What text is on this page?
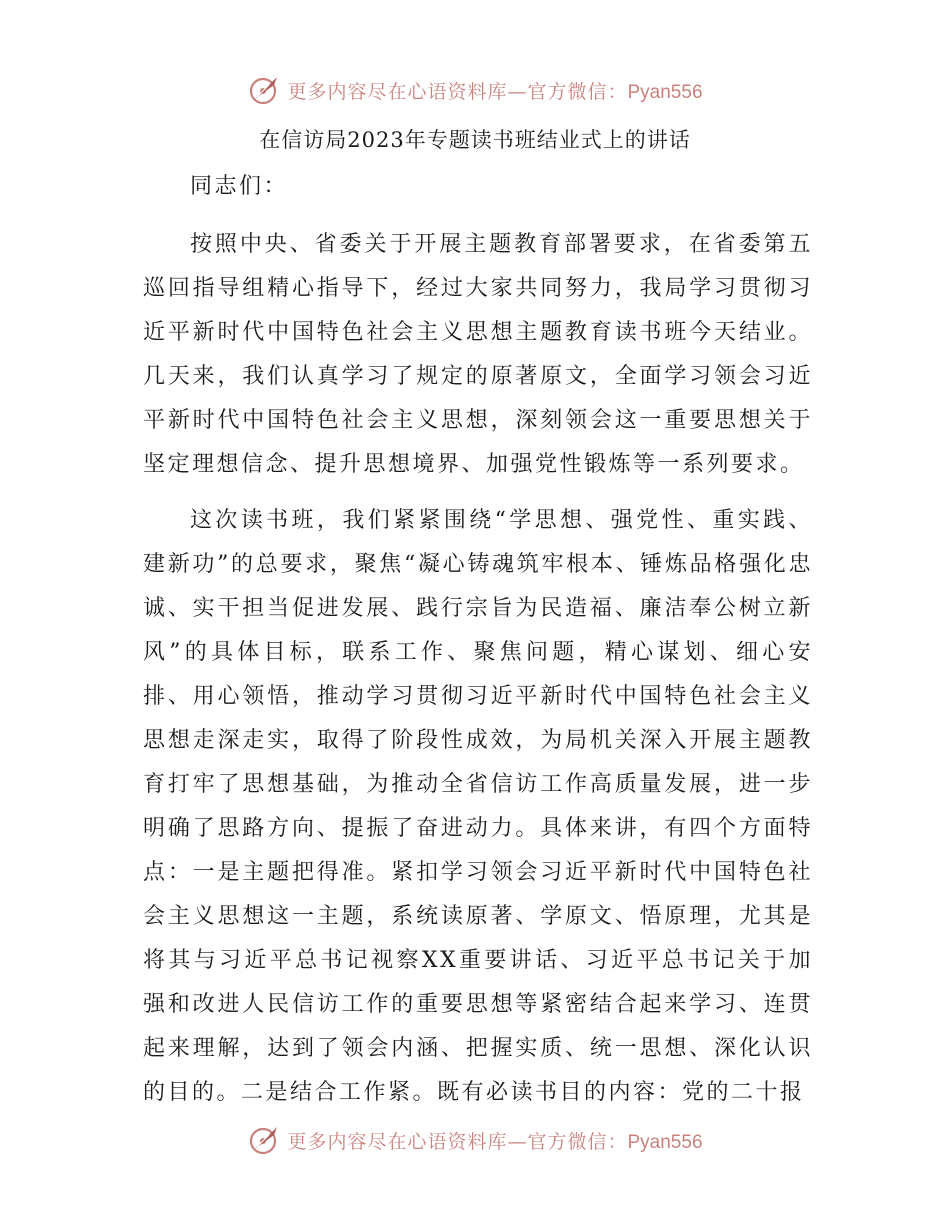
更多内容尽在心语资料库—官方微信：Pyan556
在信访局2023年专题读书班结业式上的讲话

同志们：

按照中央、省委关于开展主题教育部署要求，在省委第五巡回指导组精心指导下，经过大家共同努力，我局学习贯彻习近平新时代中国特色社会主义思想主题教育读书班今天结业。几天来，我们认真学习了规定的原著原文，全面学习领会习近平新时代中国特色社会主义思想，深刻领会这一重要思想关于坚定理想信念、提升思想境界、加强党性锻炼等一系列要求。

这次读书班，我们紧紧围绕“学思想、强党性、重实践、建新功”的总要求，聚焦“凝心铸魂筑牢根本、锤炼品格强化忠诚、实干担当促进发展、践行宗旨为民造福、廉洁奉公树立新风”的具体目标，联系工作、聚焦问题，精心谋划、细心安排、用心领悟，推动学习贯彻习近平新时代中国特色社会主义思想走深走实，取得了阶段性成效，为局机关深入开展主题教育打牢了思想基础，为推动全省信访工作高质量发展，进一步明确了思路方向、提振了奋进动力。具体来讲，有四个方面特点：一是主题把得准。紧扣学习领会习近平新时代中国特色社会主义思想这一主题，系统读原著、学原文、悟原理，尤其是将其与习近平总书记视察XX重要讲话、习近平总书记关于加强和改进人民信访工作的重要思想等紧密结合起来学习、连贯起来理解，达到了领会内涵、把握实质、统一思想、深化认识的目的。二是结合工作紧。既有必读书目的内容：党的二十报

更多内容尽在心语资料库—官方微信：Pyan556
